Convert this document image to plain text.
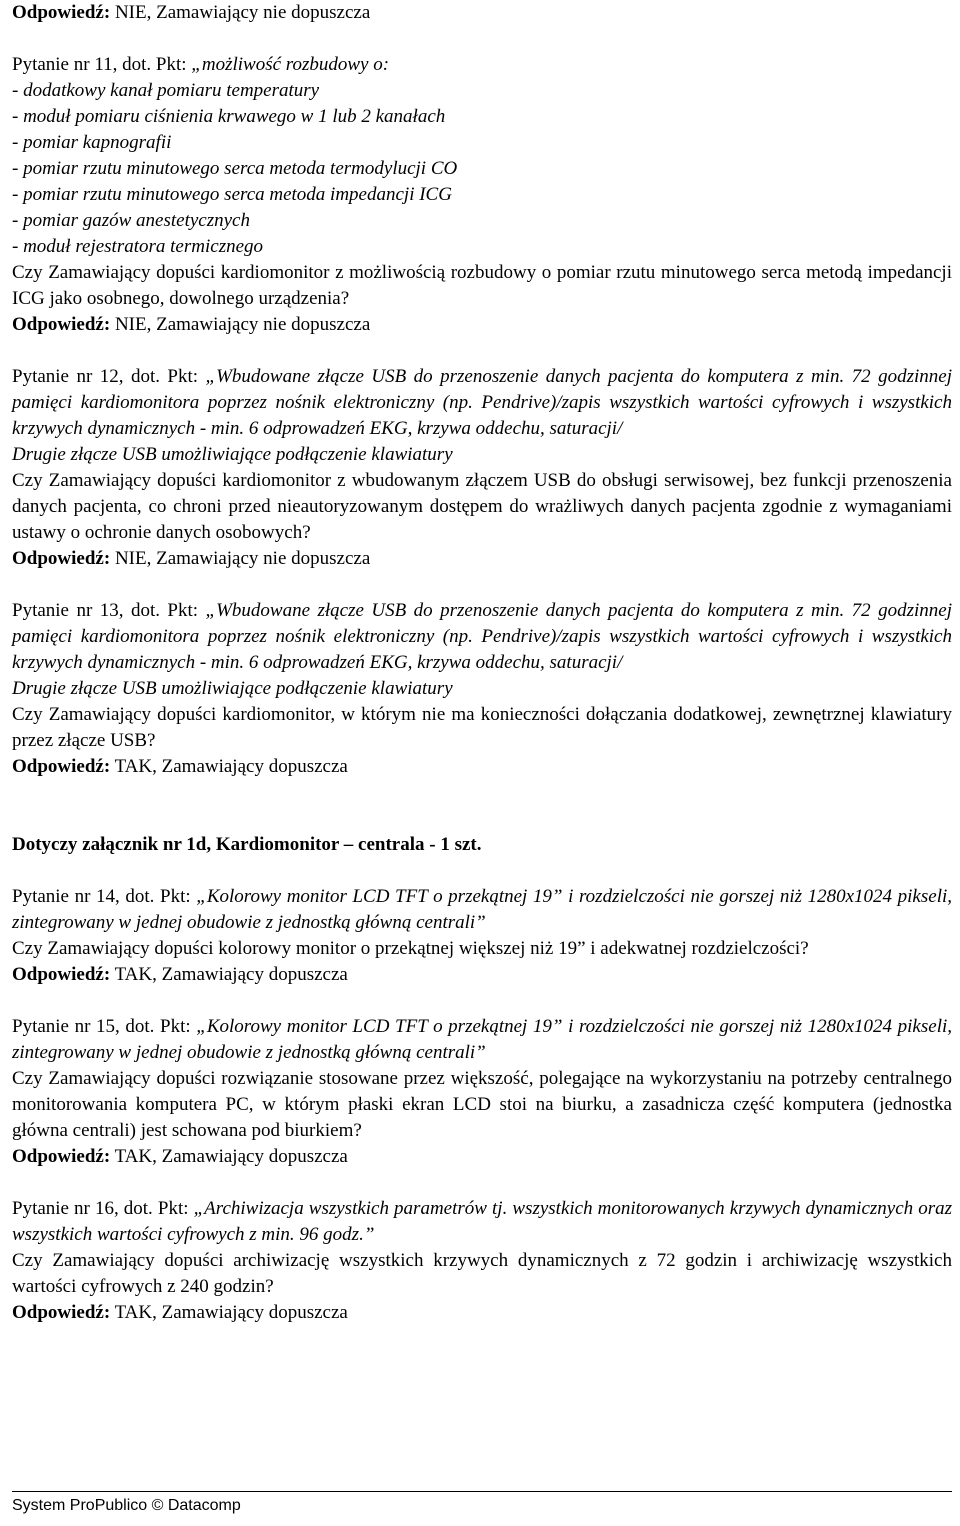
Odpowiedź: NIE, Zamawiający nie dopuszcza

Pytanie nr 11, dot. Pkt: „możliwość rozbudowy o:

- dodatkowy kanał pomiaru temperatury

- moduł pomiaru ciśnienia krwawego w 1 lub 2 kanałach

- pomiar kapnografii

- pomiar rzutu minutowego serca metoda termodylucji CO

- pomiar rzutu minutowego serca metoda impedancji ICG

- pomiar gazów anestetycznych

- moduł rejestratora termicznego

Czy Zamawiający dopuści kardiomonitor z możliwością rozbudowy o pomiar rzutu minutowego serca metodą impedancji ICG jako osobnego, dowolnego urządzenia?

Odpowiedź: NIE, Zamawiający nie dopuszcza

Pytanie nr 12, dot. Pkt: „Wbudowane złącze USB do przenoszenie danych pacjenta do komputera z min. 72 godzinnej pamięci kardiomonitora poprzez nośnik elektroniczny (np. Pendrive)/zapis wszystkich wartości cyfrowych i wszystkich krzywych dynamicznych - min. 6 odprowadzeń EKG, krzywa oddechu, saturacji/

Drugie złącze USB umożliwiające podłączenie klawiatury

Czy Zamawiający dopuści kardiomonitor z wbudowanym złączem USB do obsługi serwisowej, bez funkcji przenoszenia danych pacjenta, co chroni przed nieautoryzowanym dostępem do wrażliwych danych pacjenta zgodnie z wymaganiami ustawy o ochronie danych osobowych?

Odpowiedź: NIE, Zamawiający nie dopuszcza

Pytanie nr 13, dot. Pkt: „Wbudowane złącze USB do przenoszenie danych pacjenta do komputera z min. 72 godzinnej pamięci kardiomonitora poprzez nośnik elektroniczny (np. Pendrive)/zapis wszystkich wartości cyfrowych i wszystkich krzywych dynamicznych - min. 6 odprowadzeń EKG, krzywa oddechu, saturacji/

Drugie złącze USB umożliwiające podłączenie klawiatury

Czy Zamawiający dopuści kardiomonitor, w którym nie ma konieczności dołączania dodatkowej, zewnętrznej klawiatury przez złącze USB?

Odpowiedź: TAK, Zamawiający dopuszcza

Dotyczy załącznik nr 1d, Kardiomonitor – centrala - 1 szt.

Pytanie nr 14, dot. Pkt: „Kolorowy monitor LCD TFT o przekątnej 19” i rozdzielczości nie gorszej niż 1280x1024 pikseli, zintegrowany w jednej obudowie z jednostką główną centrali”

Czy Zamawiający dopuści kolorowy monitor o przekątnej większej niż 19” i adekwatnej rozdzielczości?

Odpowiedź: TAK, Zamawiający dopuszcza

Pytanie nr 15, dot. Pkt: „Kolorowy monitor LCD TFT o przekątnej 19” i rozdzielczości nie gorszej niż 1280x1024 pikseli, zintegrowany w jednej obudowie z jednostką główną centrali”

Czy Zamawiający dopuści rozwiązanie stosowane przez większość, polegające na wykorzystaniu na potrzeby centralnego monitorowania komputera PC, w którym płaski ekran LCD stoi na biurku, a zasadnicza część komputera (jednostka główna centrali) jest schowana pod biurkiem?

Odpowiedź: TAK, Zamawiający dopuszcza

Pytanie nr 16, dot. Pkt: „Archiwizacja wszystkich parametrów tj. wszystkich monitorowanych krzywych dynamicznych oraz wszystkich wartości cyfrowych z min. 96 godz.”

Czy Zamawiający dopuści archiwizację wszystkich krzywych dynamicznych z 72 godzin i archiwizację wszystkich wartości cyfrowych z 240 godzin?

Odpowiedź: TAK, Zamawiający dopuszcza

System ProPublico © Datacomp
